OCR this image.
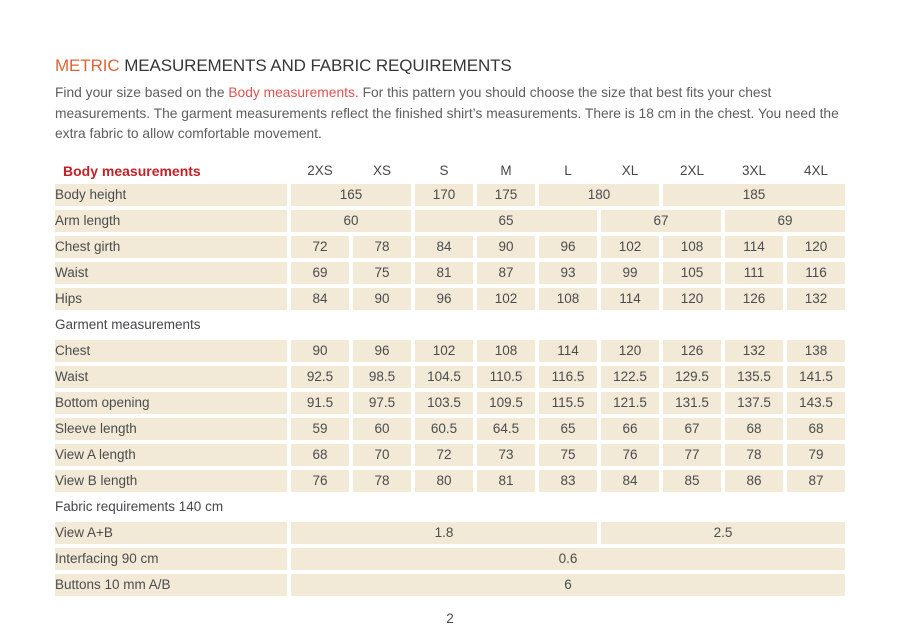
METRIC MEASUREMENTS AND FABRIC REQUIREMENTS

Find your size based on the Body measurements. For this pattern you should choose the size that best fits your chest measurements. The garment measurements reflect the finished shirt’s measurements. There is 18 cm in the chest. You need the extra fabric to allow comfortable movement.

Body measurements	2XS	XS	S	M	L	XL	2XL	3XL	4XL
Body height	165		170	175	180		185		
Arm length	60		65			67		69	
Chest girth	72	78	84	90	96	102	108	114	120
Waist	69	75	81	87	93	99	105	111	116
Hips	84	90	96	102	108	114	120	126	132
Garment measurements									
Chest	90	96	102	108	114	120	126	132	138
Waist	92.5	98.5	104.5	110.5	116.5	122.5	129.5	135.5	141.5
Bottom opening	91.5	97.5	103.5	109.5	115.5	121.5	131.5	137.5	143.5
Sleeve length	59	60	60.5	64.5	65	66	67	68	68
View A length	68	70	72	73	75	76	77	78	79
View B length	76	78	80	81	83	84	85	86	87
Fabric requirements 140 cm									
View A+B	1.8					2.5			
Interfacing 90 cm	0.6								
Buttons 10 mm A/B	6								
2
